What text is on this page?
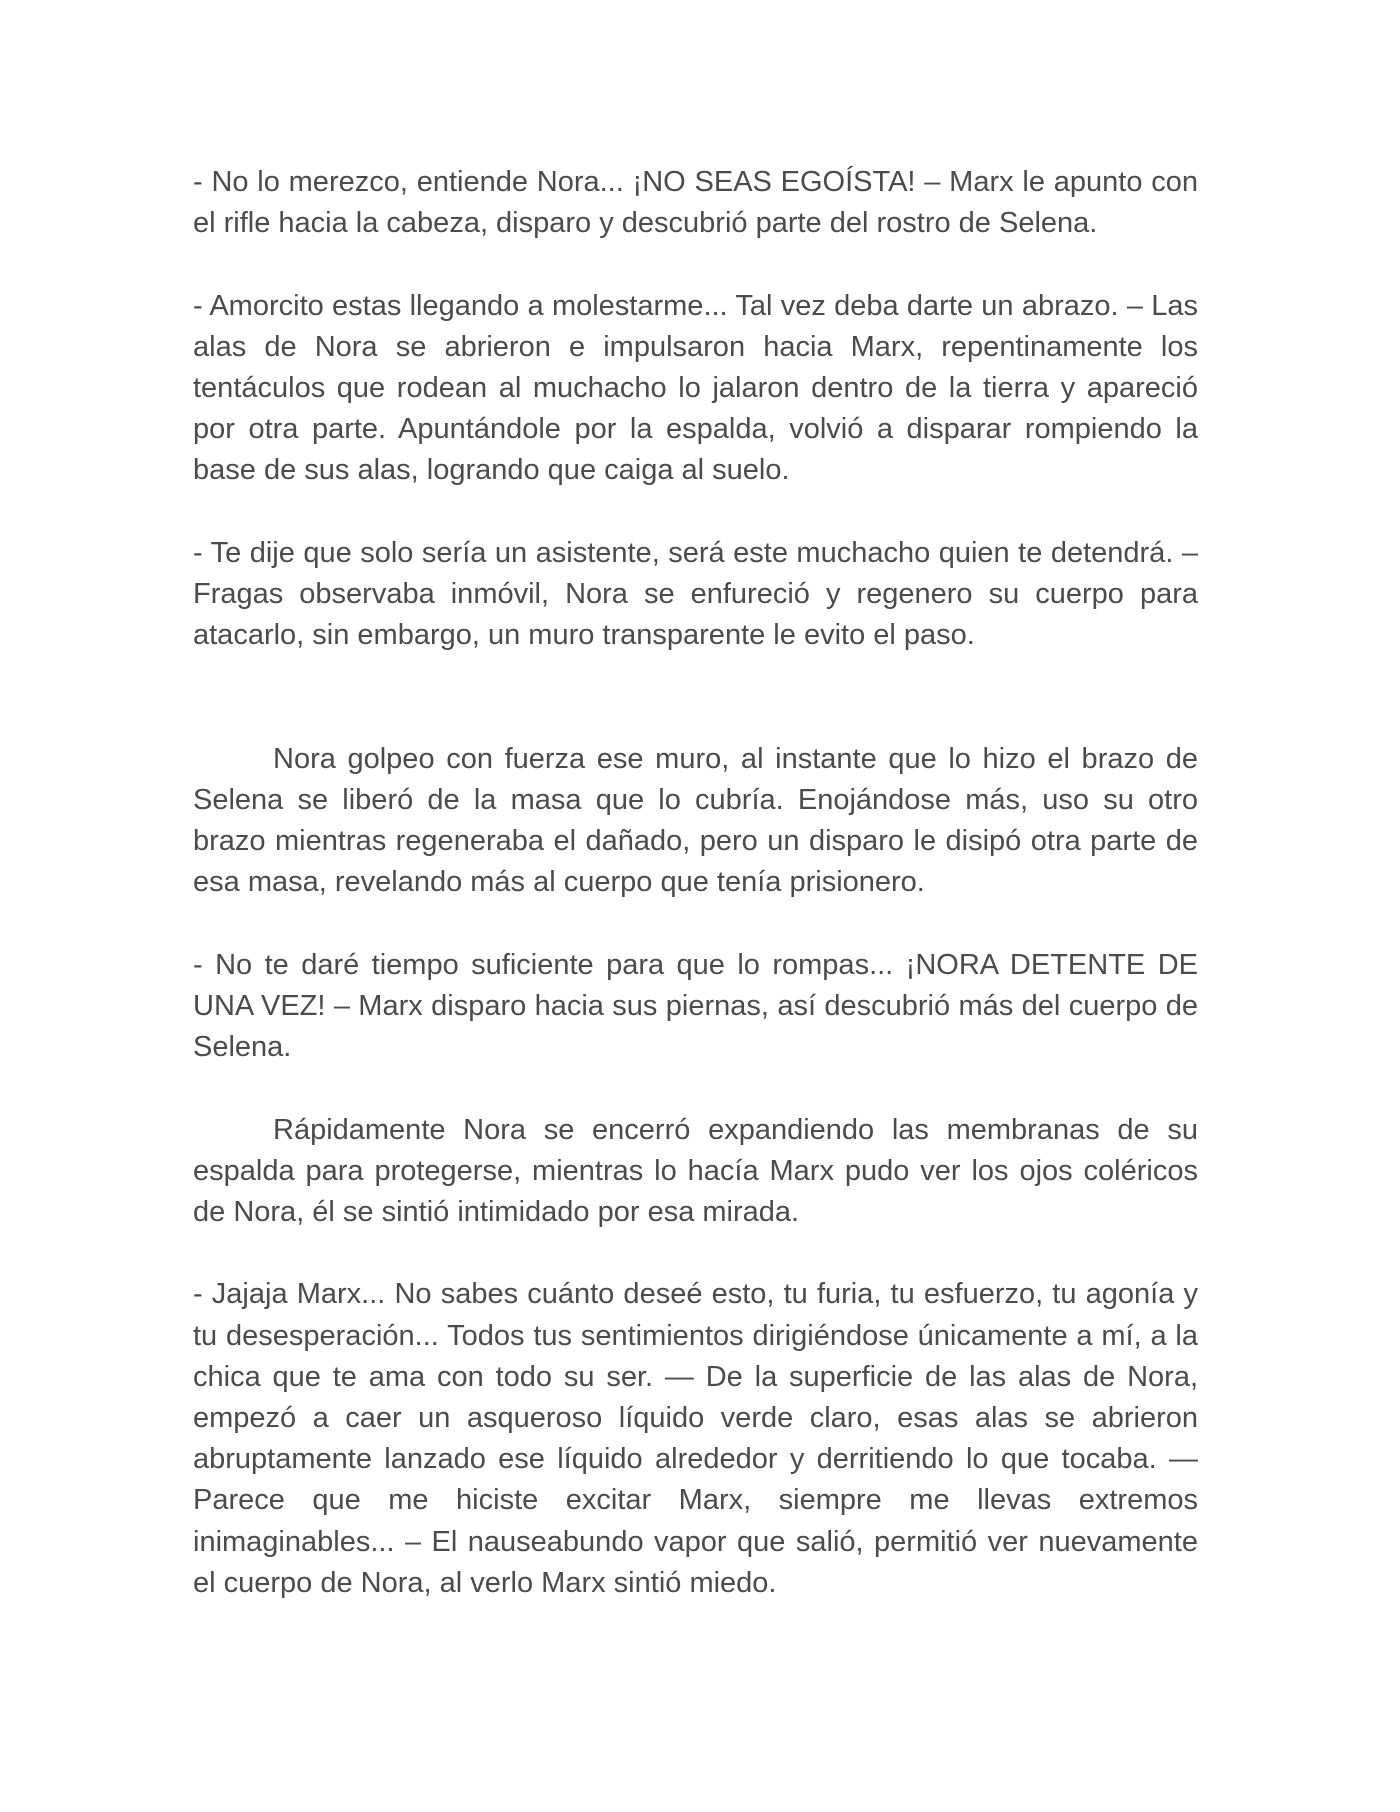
- No lo merezco, entiende Nora... ¡NO SEAS EGOÍSTA! – Marx le apunto con el rifle hacia la cabeza, disparo y descubrió parte del rostro de Selena.

- Amorcito estas llegando a molestarme... Tal vez deba darte un abrazo. – Las alas de Nora se abrieron e impulsaron hacia Marx, repentinamente los tentáculos que rodean al muchacho lo jalaron dentro de la tierra y apareció por otra parte. Apuntándole por la espalda, volvió a disparar rompiendo la base de sus alas, logrando que caiga al suelo.

- Te dije que solo sería un asistente, será este muchacho quien te detendrá. – Fragas observaba inmóvil, Nora se enfureció y regenero su cuerpo para atacarlo, sin embargo, un muro transparente le evito el paso.

Nora golpeo con fuerza ese muro, al instante que lo hizo el brazo de Selena se liberó de la masa que lo cubría. Enojándose más, uso su otro brazo mientras regeneraba el dañado, pero un disparo le disipó otra parte de esa masa, revelando más al cuerpo que tenía prisionero.

- No te daré tiempo suficiente para que lo rompas... ¡NORA DETENTE DE UNA VEZ! – Marx disparo hacia sus piernas, así descubrió más del cuerpo de Selena.

Rápidamente Nora se encerró expandiendo las membranas de su espalda para protegerse, mientras lo hacía Marx pudo ver los ojos coléricos de Nora, él se sintió intimidado por esa mirada.

- Jajaja Marx... No sabes cuánto deseé esto, tu furia, tu esfuerzo, tu agonía y tu desesperación... Todos tus sentimientos dirigiéndose únicamente a mí, a la chica que te ama con todo su ser. — De la superficie de las alas de Nora, empezó a caer un asqueroso líquido verde claro, esas alas se abrieron abruptamente lanzado ese líquido alrededor y derritiendo lo que tocaba. — Parece que me hiciste excitar Marx, siempre me llevas extremos inimaginables... – El nauseabundo vapor que salió, permitió ver nuevamente el cuerpo de Nora, al verlo Marx sintió miedo.
